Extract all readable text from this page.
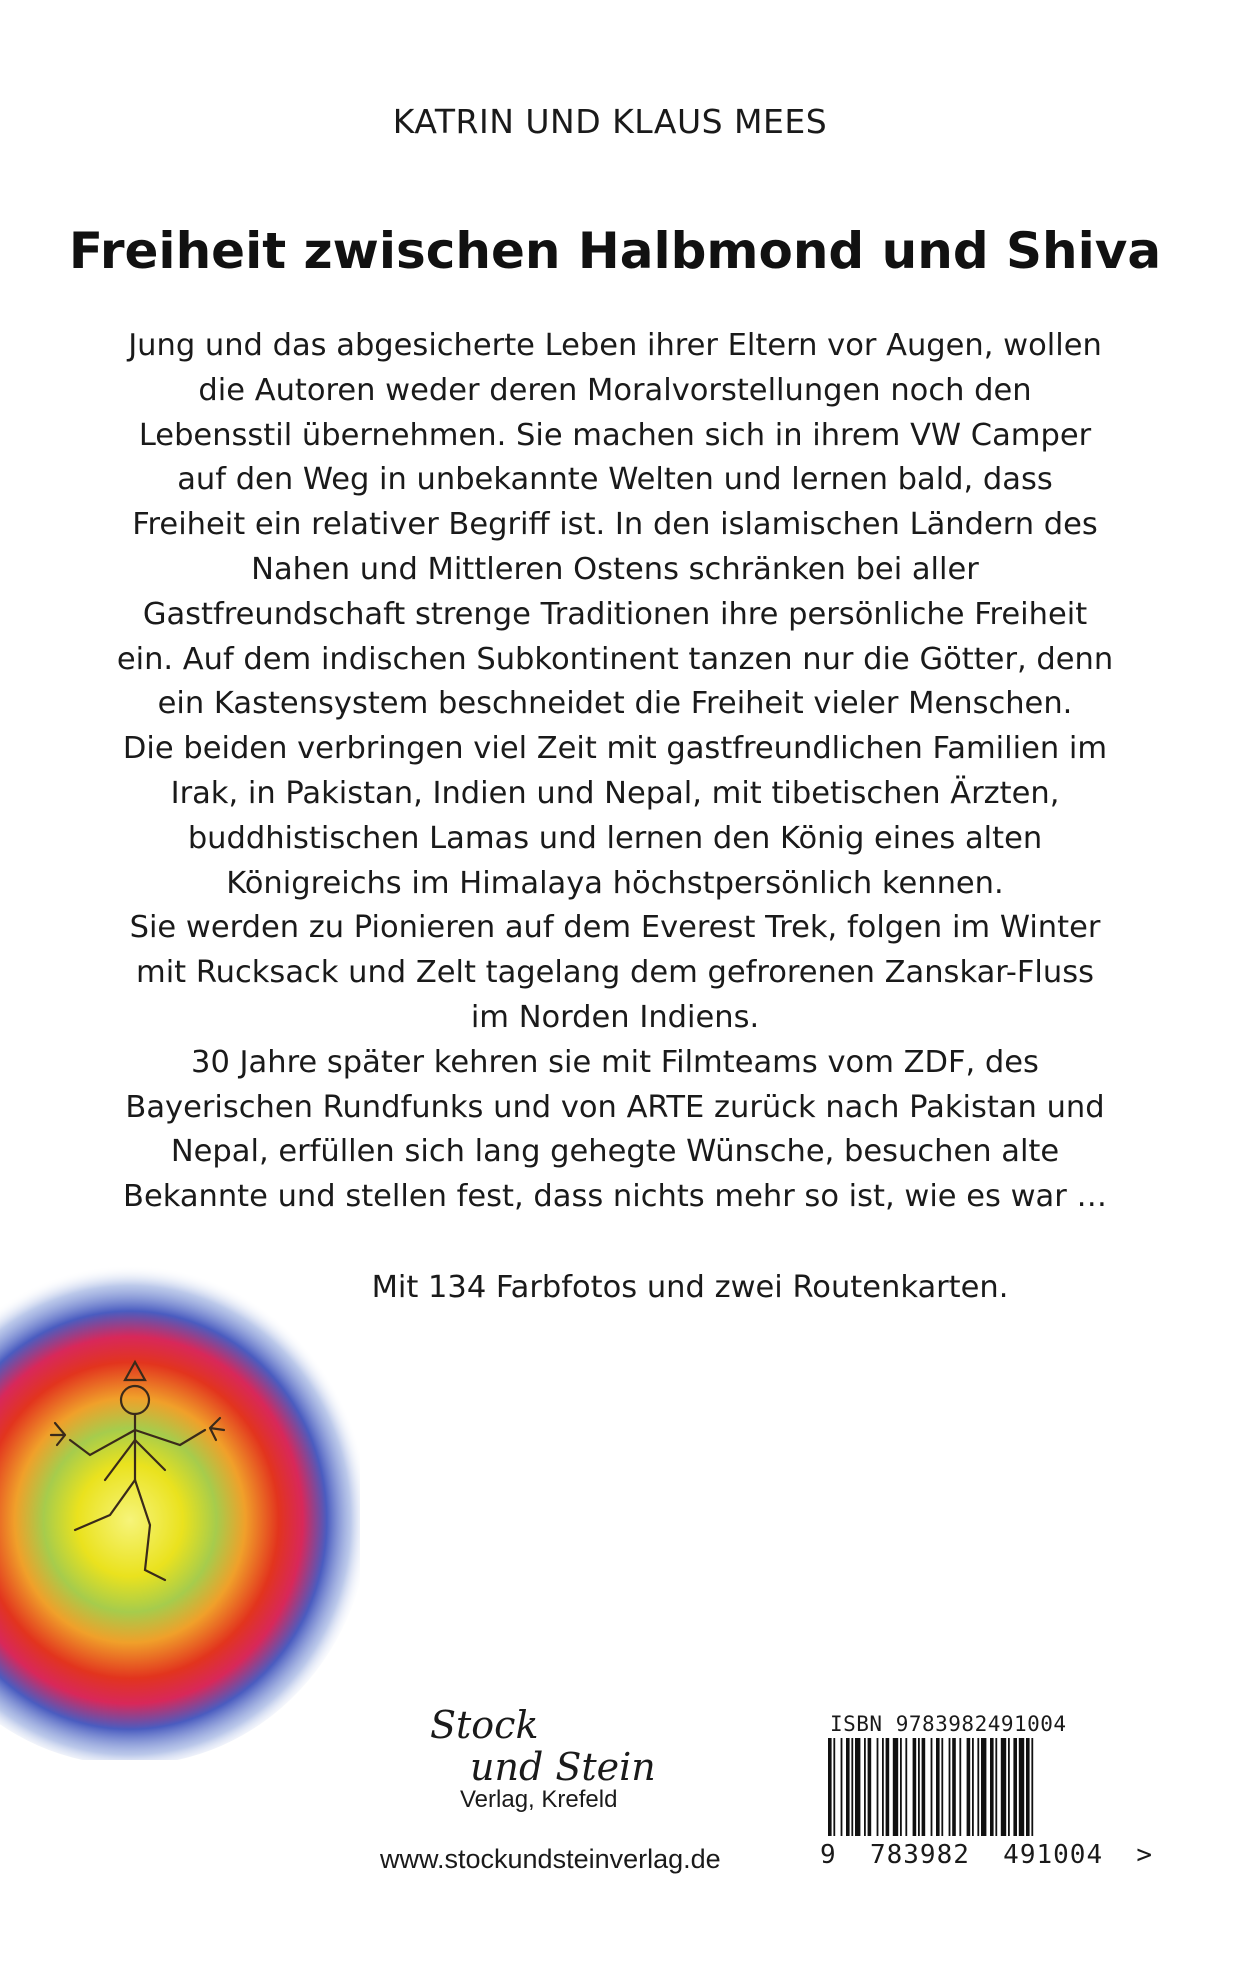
KATRIN UND KLAUS MEES
Freiheit zwischen Halbmond und Shiva
Jung und das abgesicherte Leben ihrer Eltern vor Augen, wollen
die Autoren weder deren Moralvorstellungen noch den
Lebensstil übernehmen. Sie machen sich in ihrem VW Camper
auf den Weg in unbekannte Welten und lernen bald, dass
Freiheit ein relativer Begriff ist. In den islamischen Ländern des
Nahen und Mittleren Ostens schränken bei aller
Gastfreundschaft strenge Traditionen ihre persönliche Freiheit
ein. Auf dem indischen Subkontinent tanzen nur die Götter, denn
ein Kastensystem beschneidet die Freiheit vieler Menschen.
Die beiden verbringen viel Zeit mit gastfreundlichen Familien im
Irak, in Pakistan, Indien und Nepal, mit tibetischen Ärzten,
buddhistischen Lamas und lernen den König eines alten
Königreichs im Himalaya höchstpersönlich kennen.
Sie werden zu Pionieren auf dem Everest Trek, folgen im Winter
mit Rucksack und Zelt tagelang dem gefrorenen Zanskar-Fluss
im Norden Indiens.
30 Jahre später kehren sie mit Filmteams vom ZDF, des
Bayerischen Rundfunks und von ARTE zurück nach Pakistan und
Nepal, erfüllen sich lang gehegte Wünsche, besuchen alte
Bekannte und stellen fest, dass nichts mehr so ist, wie es war …
Mit 134 Farbfotos und zwei Routenkarten.
Stock
und Stein
Verlag, Krefeld
www.stockundsteinverlag.de
ISBN 9783982491004
9  783982  491004  >
